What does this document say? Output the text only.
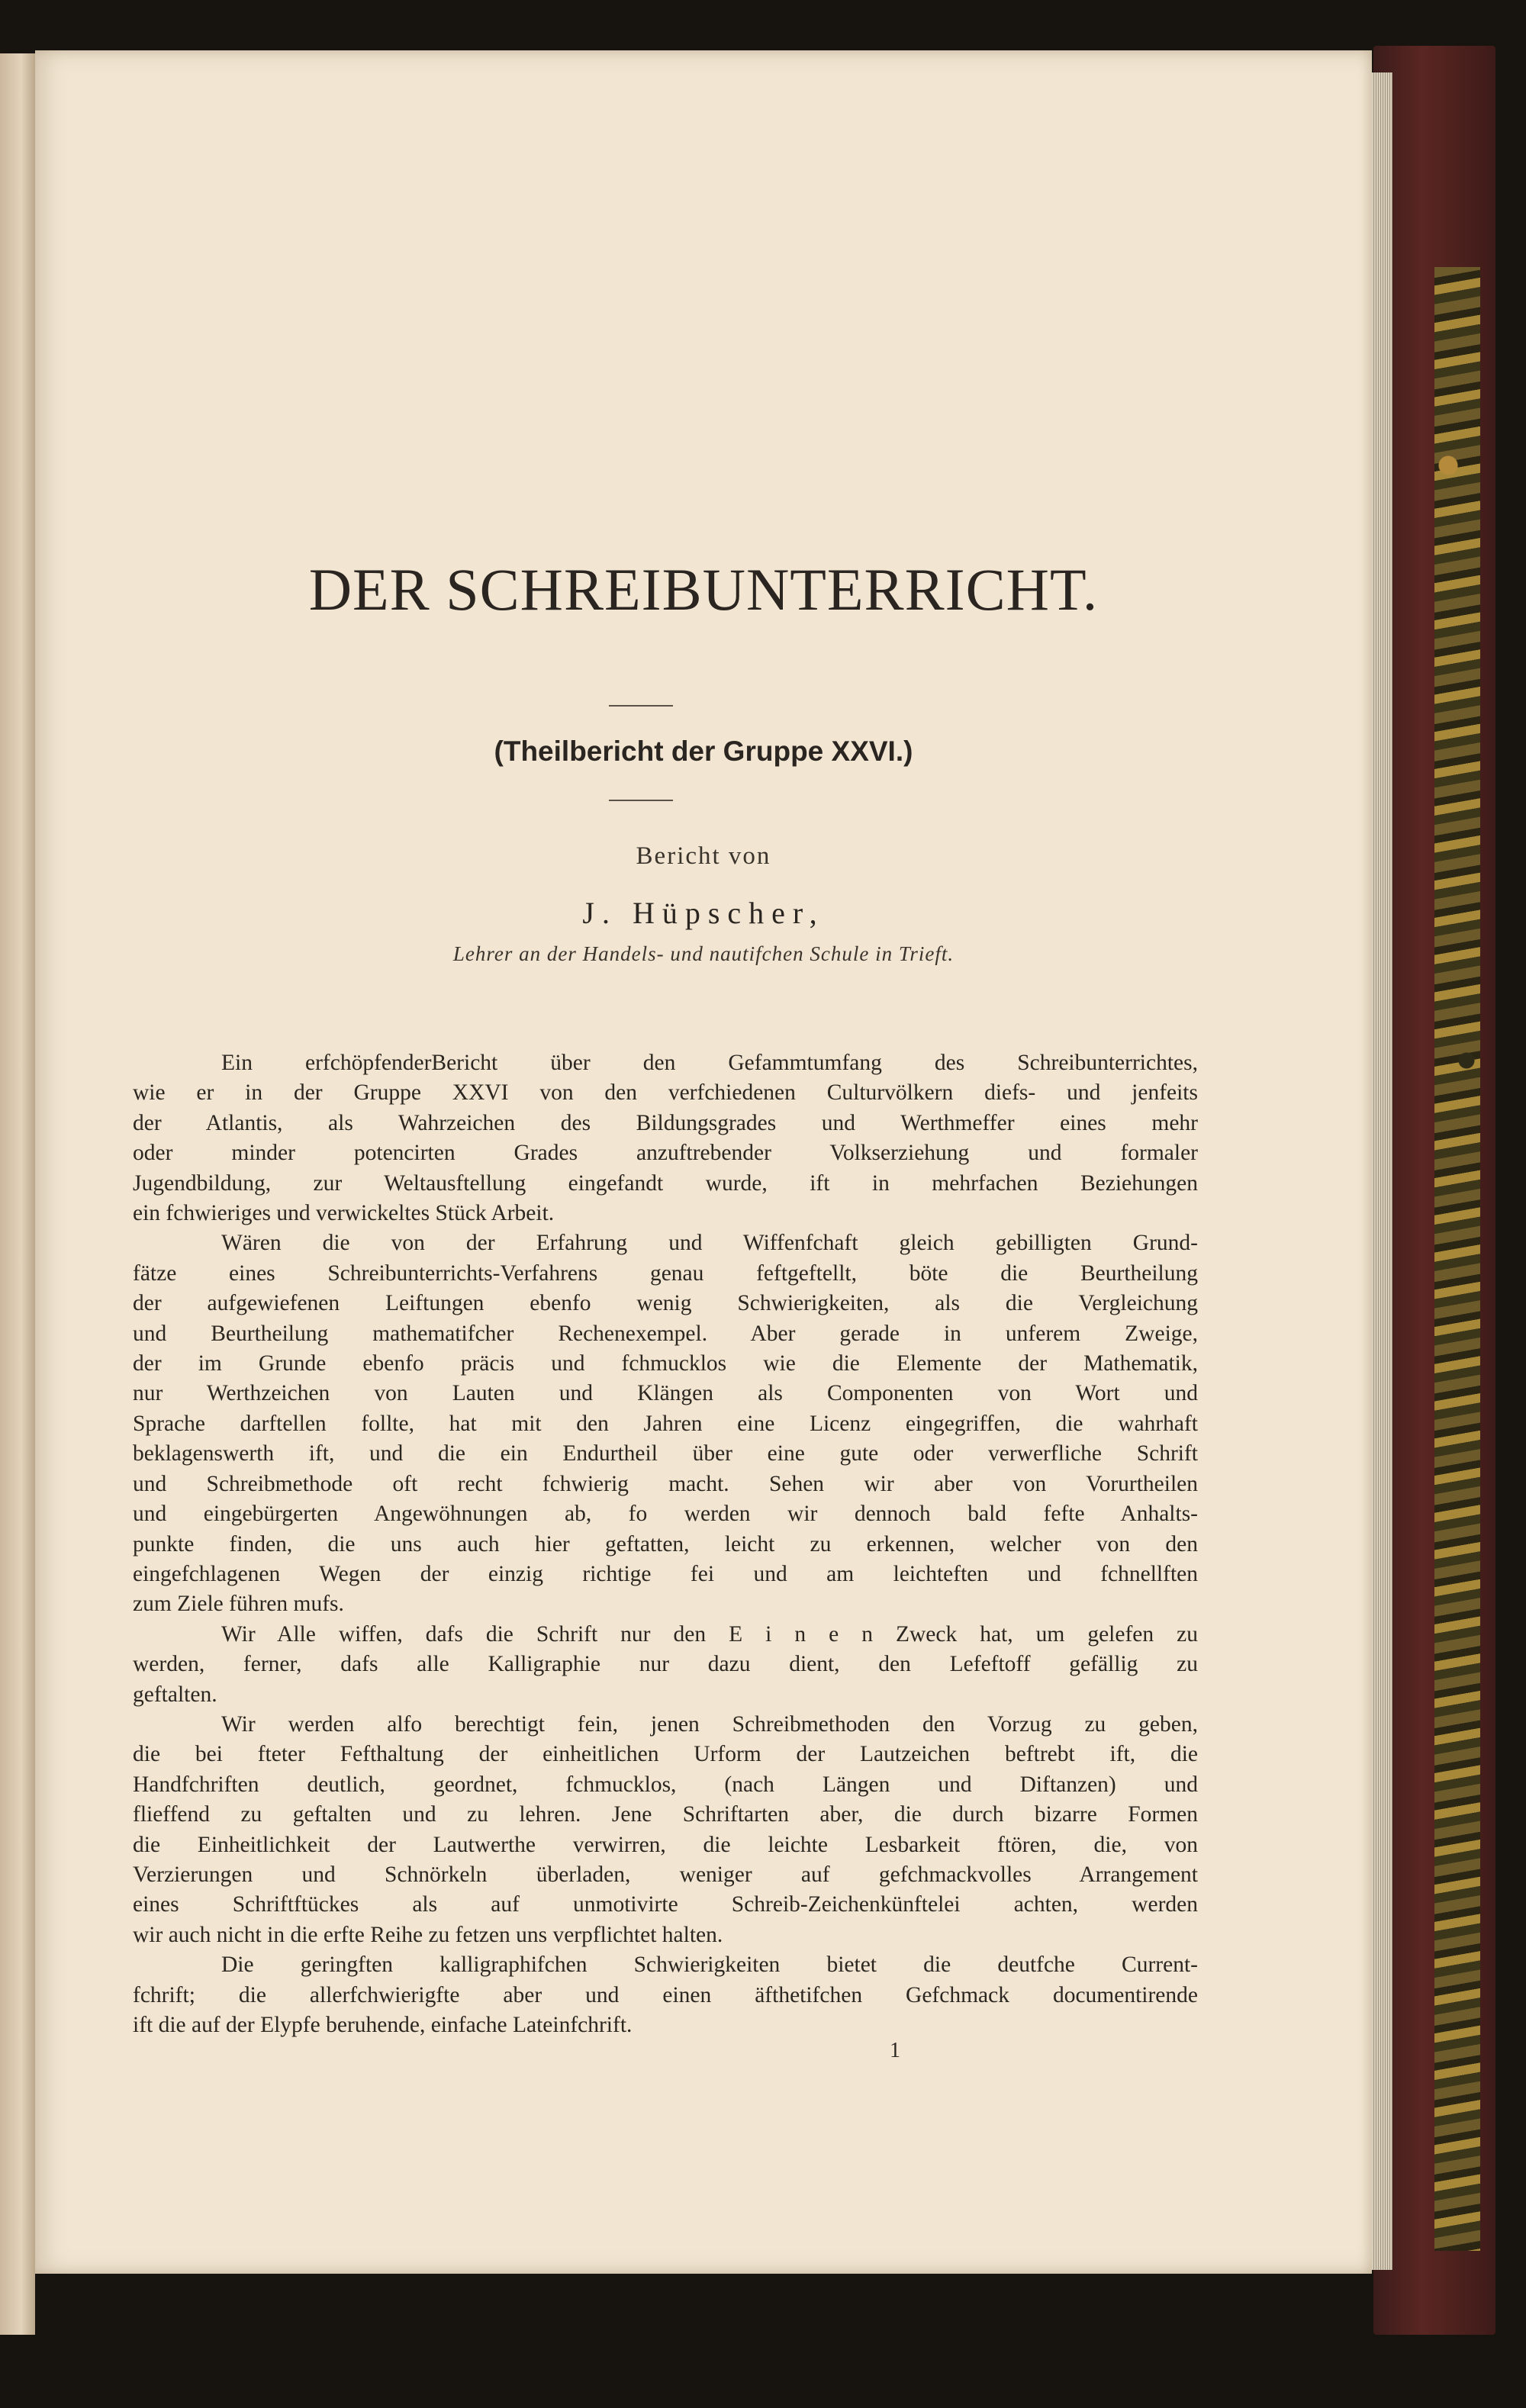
DER SCHREIBUNTERRICHT.
(Theilbericht der Gruppe XXVI.)
Bericht von
J. Hüpscher,
Lehrer an der Handels- und nautifchen Schule in Trieft.
Ein erfchöpfenderBericht über den Gefammtumfang des Schreibunterrichtes,
wie er in der Gruppe XXVI von den verfchiedenen Culturvölkern diefs- und jenfeits
der Atlantis, als Wahrzeichen des Bildungsgrades und Werthmeffer eines mehr
oder minder potencirten Grades anzuftrebender Volkserziehung und formaler
Jugendbildung, zur Weltausftellung eingefandt wurde, ift in mehrfachen Beziehungen
ein fchwieriges und verwickeltes Stück Arbeit.
Wären die von der Erfahrung und Wiffenfchaft gleich gebilligten Grund-
fätze eines Schreibunterrichts-Verfahrens genau feftgeftellt, böte die Beurtheilung
der aufgewiefenen Leiftungen ebenfo wenig Schwierigkeiten, als die Vergleichung
und Beurtheilung mathematifcher Rechenexempel. Aber gerade in unferem Zweige,
der im Grunde ebenfo präcis und fchmucklos wie die Elemente der Mathematik,
nur Werthzeichen von Lauten und Klängen als Componenten von Wort und
Sprache darftellen follte, hat mit den Jahren eine Licenz eingegriffen, die wahrhaft
beklagenswerth ift, und die ein Endurtheil über eine gute oder verwerfliche Schrift
und Schreibmethode oft recht fchwierig macht. Sehen wir aber von Vorurtheilen
und eingebürgerten Angewöhnungen ab, fo werden wir dennoch bald fefte Anhalts-
punkte finden, die uns auch hier geftatten, leicht zu erkennen, welcher von den
eingefchlagenen Wegen der einzig richtige fei und am leichteften und fchnellften
zum Ziele führen mufs.
Wir Alle wiffen, dafs die Schrift nur den E i n e n Zweck hat, um gelefen zu
werden, ferner, dafs alle Kalligraphie nur dazu dient, den Lefeftoff gefällig zu
geftalten.
Wir werden alfo berechtigt fein, jenen Schreibmethoden den Vorzug zu geben,
die bei fteter Fefthaltung der einheitlichen Urform der Lautzeichen beftrebt ift, die
Handfchriften deutlich, geordnet, fchmucklos, (nach Längen und Diftanzen) und
flieffend zu geftalten und zu lehren. Jene Schriftarten aber, die durch bizarre Formen
die Einheitlichkeit der Lautwerthe verwirren, die leichte Lesbarkeit ftören, die, von
Verzierungen und Schnörkeln überladen, weniger auf gefchmackvolles Arrangement
eines Schriftftückes als auf unmotivirte Schreib-Zeichenkünftelei achten, werden
wir auch nicht in die erfte Reihe zu fetzen uns verpflichtet halten.
Die geringften kalligraphifchen Schwierigkeiten bietet die deutfche Current-
fchrift; die allerfchwierigfte aber und einen äfthetifchen Gefchmack documentirende
ift die auf der Elypfe beruhende, einfache Lateinfchrift.
1
